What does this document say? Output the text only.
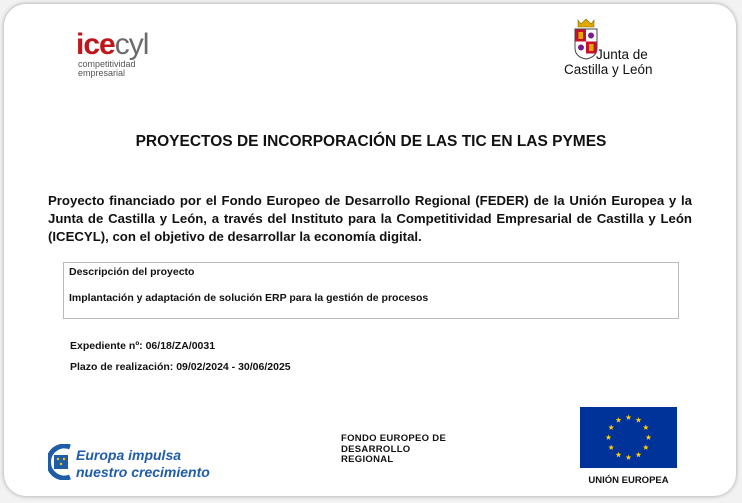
icecyl
competitividad
empresarial
Junta de
Castilla y León
PROYECTOS DE INCORPORACIÓN DE LAS TIC EN LAS PYMES
Proyecto financiado por el Fondo Europeo de Desarrollo Regional (FEDER) de la Unión Europea y la Junta de Castilla y León, a través del Instituto para la Competitividad Empresarial de Castilla y León (ICECYL), con el objetivo de desarrollar la economía digital.
Descripción del proyecto
Implantación y adaptación de solución ERP para la gestión de procesos
Expediente nº: 06/18/ZA/0031
Plazo de realización: 09/02/2024 - 30/06/2025
Europa impulsa
nuestro crecimiento
FONDO EUROPEO DE
DESARROLLO
REGIONAL
UNIÓN EUROPEA
